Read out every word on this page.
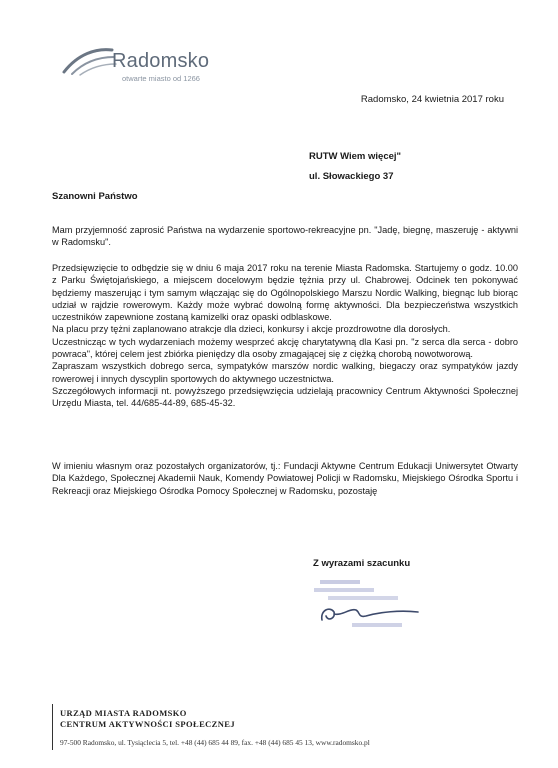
Radomsko
otwarte miasto od 1266
Radomsko, 24 kwietnia 2017 roku
RUTW Wiem więcej"
ul. Słowackiego 37
Szanowni Państwo

Mam przyjemność zaprosić Państwa na wydarzenie sportowo-rekreacyjne pn. "Jadę, biegnę, maszeruję - aktywni w Radomsku".

Przedsięwzięcie to odbędzie się w dniu 6 maja 2017 roku na terenie Miasta Radomska. Startujemy o godz. 10.00 z Parku Świętojańskiego, a miejscem docelowym będzie tężnia przy ul. Chabrowej. Odcinek ten pokonywać będziemy maszerując i tym samym włączając się do Ogólnopolskiego Marszu Nordic Walking, biegnąc lub biorąc udział w rajdzie rowerowym. Każdy może wybrać dowolną formę aktywności. Dla bezpieczeństwa wszystkich uczestników zapewnione zostaną kamizelki oraz opaski odblaskowe.

Na placu przy tężni zaplanowano atrakcje dla dzieci, konkursy i akcje prozdrowotne dla dorosłych.

Uczestnicząc w tych wydarzeniach możemy wesprzeć akcję charytatywną dla Kasi pn. "z serca dla serca - dobro powraca", której celem jest zbiórka pieniędzy dla osoby zmagającej się z ciężką chorobą nowotworową.

Zapraszam wszystkich dobrego serca, sympatyków marszów nordic walking, biegaczy oraz sympatyków jazdy rowerowej i innych dyscyplin sportowych do aktywnego uczestnictwa.

Szczegółowych informacji nt. powyższego przedsięwzięcia udzielają pracownicy Centrum Aktywności Społecznej Urzędu Miasta, tel. 44/685-44-89, 685-45-32.

W imieniu własnym oraz pozostałych organizatorów, tj.: Fundacji Aktywne Centrum Edukacji Uniwersytet Otwarty Dla Każdego, Społecznej Akademii Nauk, Komendy Powiatowej Policji w Radomsku, Miejskiego Ośrodka Sportu i Rekreacji oraz Miejskiego Ośrodka Pomocy Społecznej w Radomsku, pozostaję

Z wyrazami szacunku
URZĄD MIASTA RADOMSKO
CENTRUM AKTYWNOŚCI SPOŁECZNEJ
97-500 Radomsko, ul. Tysiąclecia 5, tel. +48 (44) 685 44 89, fax. +48 (44) 685 45 13, www.radomsko.pl
